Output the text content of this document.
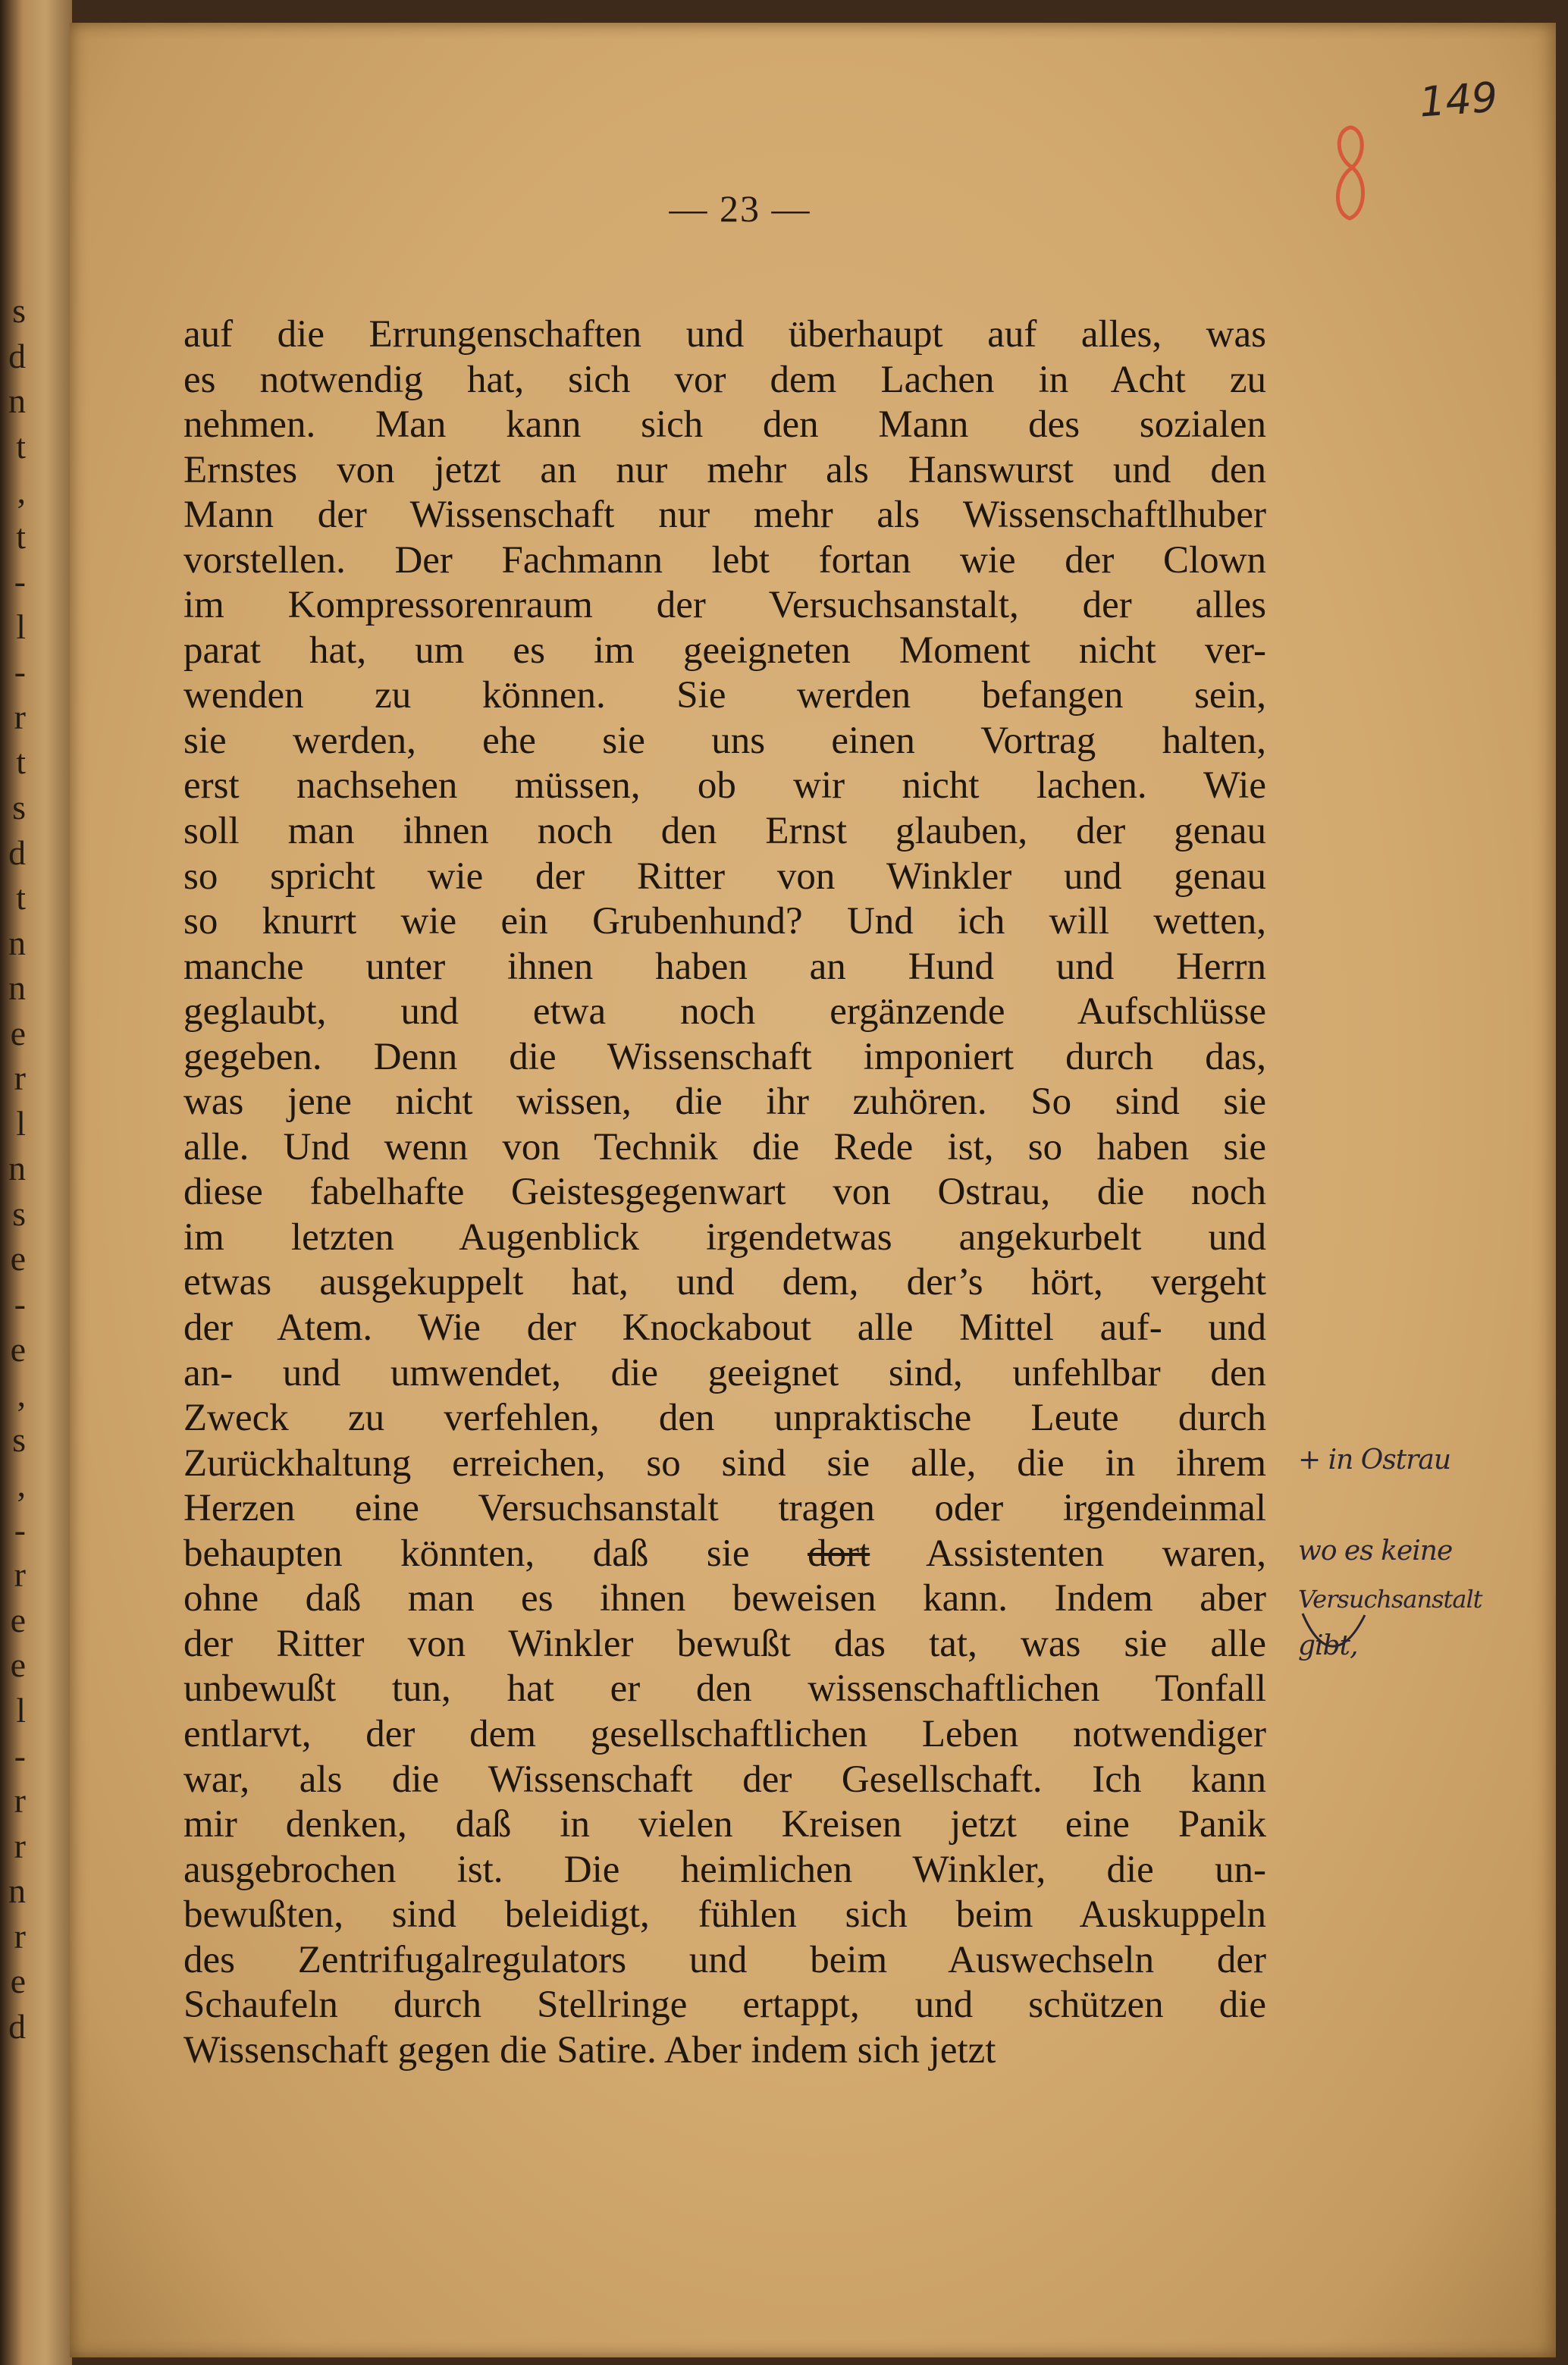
s
d
n
t
,
t
-
l
-
r
t
s
d
t
n
n
e
r
l
n
s
e
-
e
,
s
,
-
r
e
e
l
-
r
r
n
r
e
d
149
— 23 —
auf die Errungenschaften und überhaupt auf alles, was
es notwendig hat, sich vor dem Lachen in Acht zu
nehmen. Man kann sich den Mann des sozialen
Ernstes von jetzt an nur mehr als Hanswurst und den
Mann der Wissenschaft nur mehr als Wissenschaftlhuber
vorstellen. Der Fachmann lebt fortan wie der Clown
im Kompressorenraum der Versuchsanstalt, der alles
parat hat, um es im geeigneten Moment nicht ver-
wenden zu können. Sie werden befangen sein,
sie werden, ehe sie uns einen Vortrag halten,
erst nachsehen müssen, ob wir nicht lachen. Wie
soll man ihnen noch den Ernst glauben, der genau
so spricht wie der Ritter von Winkler und genau
so knurrt wie ein Grubenhund? Und ich will wetten,
manche unter ihnen haben an Hund und Herrn
geglaubt, und etwa noch ergänzende Aufschlüsse
gegeben. Denn die Wissenschaft imponiert durch das,
was jene nicht wissen, die ihr zuhören. So sind sie
alle. Und wenn von Technik die Rede ist, so haben sie
diese fabelhafte Geistesgegenwart von Ostrau, die noch
im letzten Augenblick irgendetwas angekurbelt und
etwas ausgekuppelt hat, und dem, der’s hört, vergeht
der Atem. Wie der Knockabout alle Mittel auf- und
an- und umwendet, die geeignet sind, unfehlbar den
Zweck zu verfehlen, den unpraktische Leute durch
Zurückhaltung erreichen, so sind sie alle, die in ihrem
Herzen eine Versuchsanstalt tragen oder irgendeinmal
behaupten könnten, daß sie dort Assistenten waren,
ohne daß man es ihnen beweisen kann. Indem aber
der Ritter von Winkler bewußt das tat, was sie alle
unbewußt tun, hat er den wissenschaftlichen Tonfall
entlarvt, der dem gesellschaftlichen Leben notwendiger
war, als die Wissenschaft der Gesellschaft. Ich kann
mir denken, daß in vielen Kreisen jetzt eine Panik
ausgebrochen ist. Die heimlichen Winkler, die un-
bewußten, sind beleidigt, fühlen sich beim Auskuppeln
des Zentrifugalregulators und beim Auswechseln der
Schaufeln durch Stellringe ertappt, und schützen die
Wissenschaft gegen die Satire. Aber indem sich jetzt
+ in Ostrau
wo es keine
Versuchsanstalt
gibt,
